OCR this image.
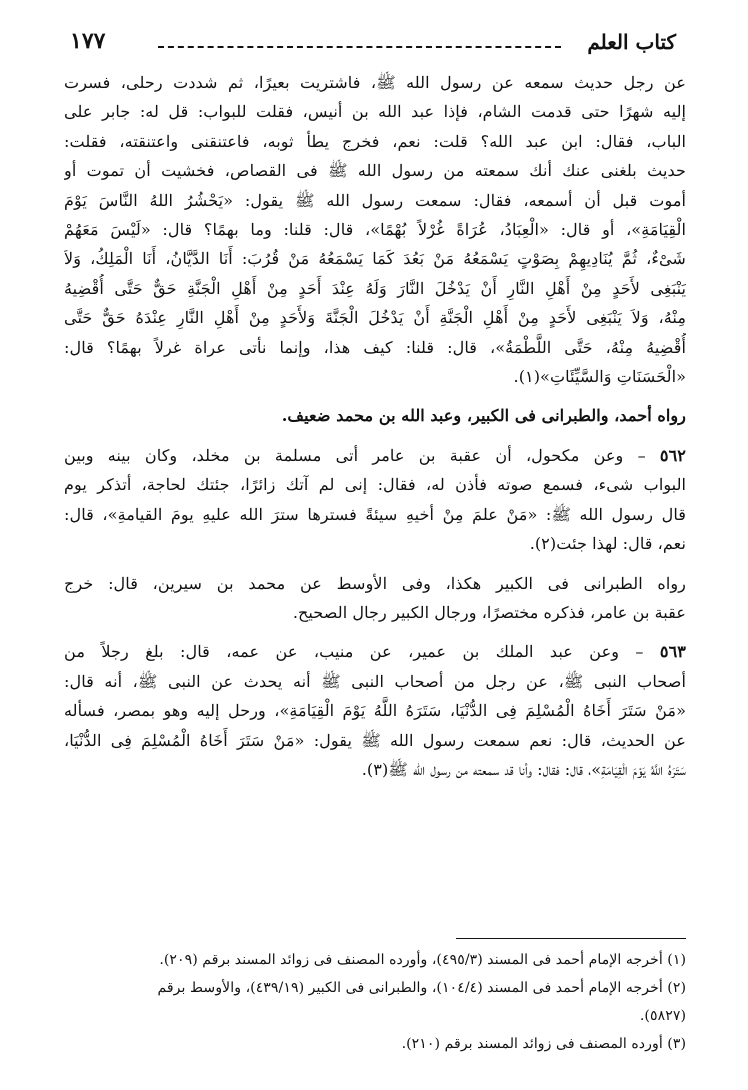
كتاب العلم
١٧٧
عن رجل حديث سمعه عن رسول الله ﷺ، فاشتريت بعيرًا، ثم شددت رحلى، فسرت
إليه شهرًا حتى قدمت الشام، فإذا عبد الله بن أنيس، فقلت للبواب: قل له: جابر على
الباب، فقال: ابن عبد الله؟ قلت: نعم، فخرج يطأ ثوبه، فاعتنقنى واعتنقته، فقلت:
حديث بلغنى عنك أنك سمعته من رسول الله ﷺ فى القصاص، فخشيت أن تموت أو
أموت قبل أن أسمعه، فقال: سمعت رسول الله ﷺ يقول: «يَحْشُرُ اللهُ النَّاسَ يَوْمَ
الْقِيَامَةِ»، أو قال: «الْعِبَادُ، عُرَاةً غُرْلاً بُهْمًا»، قال: قلنا: وما بهمًا؟ قال: «لَيْسَ مَعَهُمْ
شَىْءٌ، ثُمَّ يُنَادِيهِمْ بِصَوْتٍ يَسْمَعُهُ مَنْ بَعُدَ كَمَا يَسْمَعُهُ مَنْ قُرُبَ: أَنَا الدَّيَّانُ، أَنَا الْمَلِكُ، وَلاَ
يَنْبَغِى لأَحَدٍ مِنْ أَهْلِ النَّارِ أَنْ يَدْخُلَ النَّارَ وَلَهُ عِنْدَ أَحَدٍ مِنْ أَهْلِ الْجَنَّةِ حَقٌّ حَتَّى أُقْضِيهُ
مِنْهُ، وَلاَ يَنْبَغِى لأَحَدٍ مِنْ أَهْلِ الْجَنَّةِ أَنْ يَدْخُلَ الْجَنَّةَ وَلأَحَدٍ مِنْ أَهْلِ النَّارِ عِنْدَهُ حَقٌّ حَتَّى
أُقْضِيهُ مِنْهُ، حَتَّى اللَّطْمَةُ»، قال: قلنا: كيف هذا، وإنما نأتى عراة غرلاً بهمًا؟ قال:
«الْحَسَنَاتِ وَالسَّيِّئَاتِ»(١).
رواه أحمد، والطبرانى فى الكبير، وعبد الله بن محمد ضعيف.
٥٦٢ – وعن مكحول، أن عقبة بن عامر أتى مسلمة بن مخلد، وكان بينه وبين
البواب شىء، فسمع صوته فأذن له، فقال: إنى لم آتك زائرًا، جئتك لحاجة، أتذكر يوم
قال رسول الله ﷺ: «مَنْ علمَ مِنْ أخيهِ سيئةً فسترها سترَ الله عليهِ يومَ القيامةِ»، قال:
نعم، قال: لهذا جئت(٢).
رواه الطبرانى فى الكبير هكذا، وفى الأوسط عن محمد بن سيرين، قال: خرج
عقبة بن عامر، فذكره مختصرًا، ورجال الكبير رجال الصحيح.
٥٦٣ – وعن عبد الملك بن عمير، عن منيب، عن عمه، قال: بلغ رجلاً من
أصحاب النبى ﷺ، عن رجل من أصحاب النبى ﷺ أنه يحدث عن النبى ﷺ، أنه قال:
«مَنْ سَتَرَ أَخَاهُ الْمُسْلِمَ فِى الدُّنْيَا، سَتَرَهُ اللَّهُ يَوْمَ الْقِيَامَةِ»، ورحل إليه وهو بمصر، فسأله
عن الحديث، قال: نعم سمعت رسول الله ﷺ يقول: «مَنْ سَتَرَ أَخَاهُ الْمُسْلِمَ فِى الدُّنْيَا،
سَتَرَهُ اللَّهُ يَوْمَ الْقِيَامَةِ»، قال: فقال: وأنا قد سمعته من رسول الله ﷺ(٣).
(١) أخرجه الإمام أحمد فى المسند (٤٩٥/٣)، وأورده المصنف فى زوائد المسند برقم (٢٠٩).
(٢) أخرجه الإمام أحمد فى المسند (١٠٤/٤)، والطبرانى فى الكبير (٤٣٩/١٩)، والأوسط برقم
(٥٨٢٧).
(٣) أورده المصنف فى زوائد المسند برقم (٢١٠).
